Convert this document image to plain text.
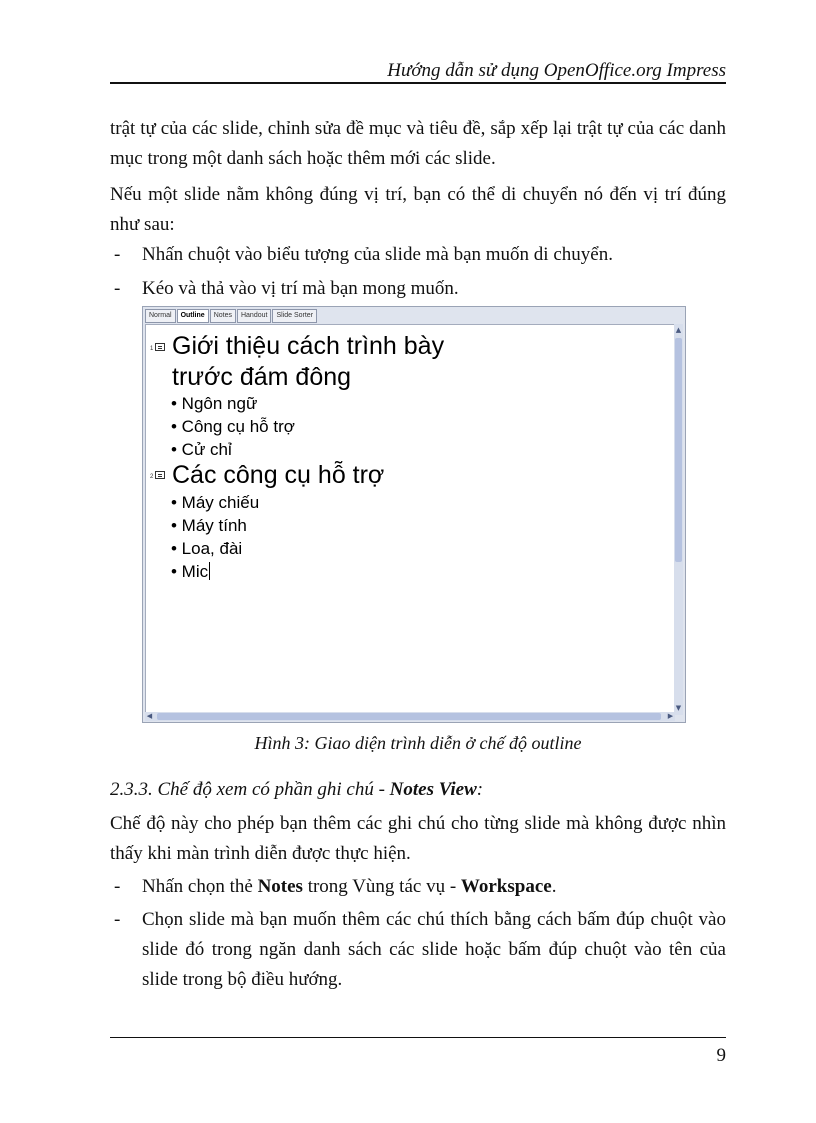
Hướng dẫn sử dụng OpenOffice.org Impress

trật tự của các slide, chỉnh sửa đề mục và tiêu đề, sắp xếp lại trật tự của các danh mục trong một danh sách hoặc thêm mới các slide.

Nếu một slide nằm không đúng vị trí, bạn có thể di chuyển nó đến vị trí đúng như sau:

- Nhấn chuột vào biểu tượng của slide mà bạn muốn di chuyển.
- Kéo và thả vào vị trí mà bạn mong muốn.
Normal	Outline	Notes	Handout	Slide Sorter
1 Giới thiệu cách trình bày trước đám đông
• Ngôn ngữ
• Công cụ hỗ trợ
• Cử chỉ
2 Các công cụ hỗ trợ
• Máy chiếu
• Máy tính
• Loa, đài
• Mic
▲
▼
◀	▶
Hình 3: Giao diện trình diễn ở chế độ outline
2.3.3. Chế độ xem có phần ghi chú - Notes View:

Chế độ này cho phép bạn thêm các ghi chú cho từng slide mà không được nhìn thấy khi màn trình diễn được thực hiện.

- Nhấn chọn thẻ Notes trong Vùng tác vụ - Workspace.
- Chọn slide mà bạn muốn thêm các chú thích bằng cách bấm đúp chuột vào slide đó trong ngăn danh sách các slide hoặc bấm đúp chuột vào tên của slide trong bộ điều hướng.
9
